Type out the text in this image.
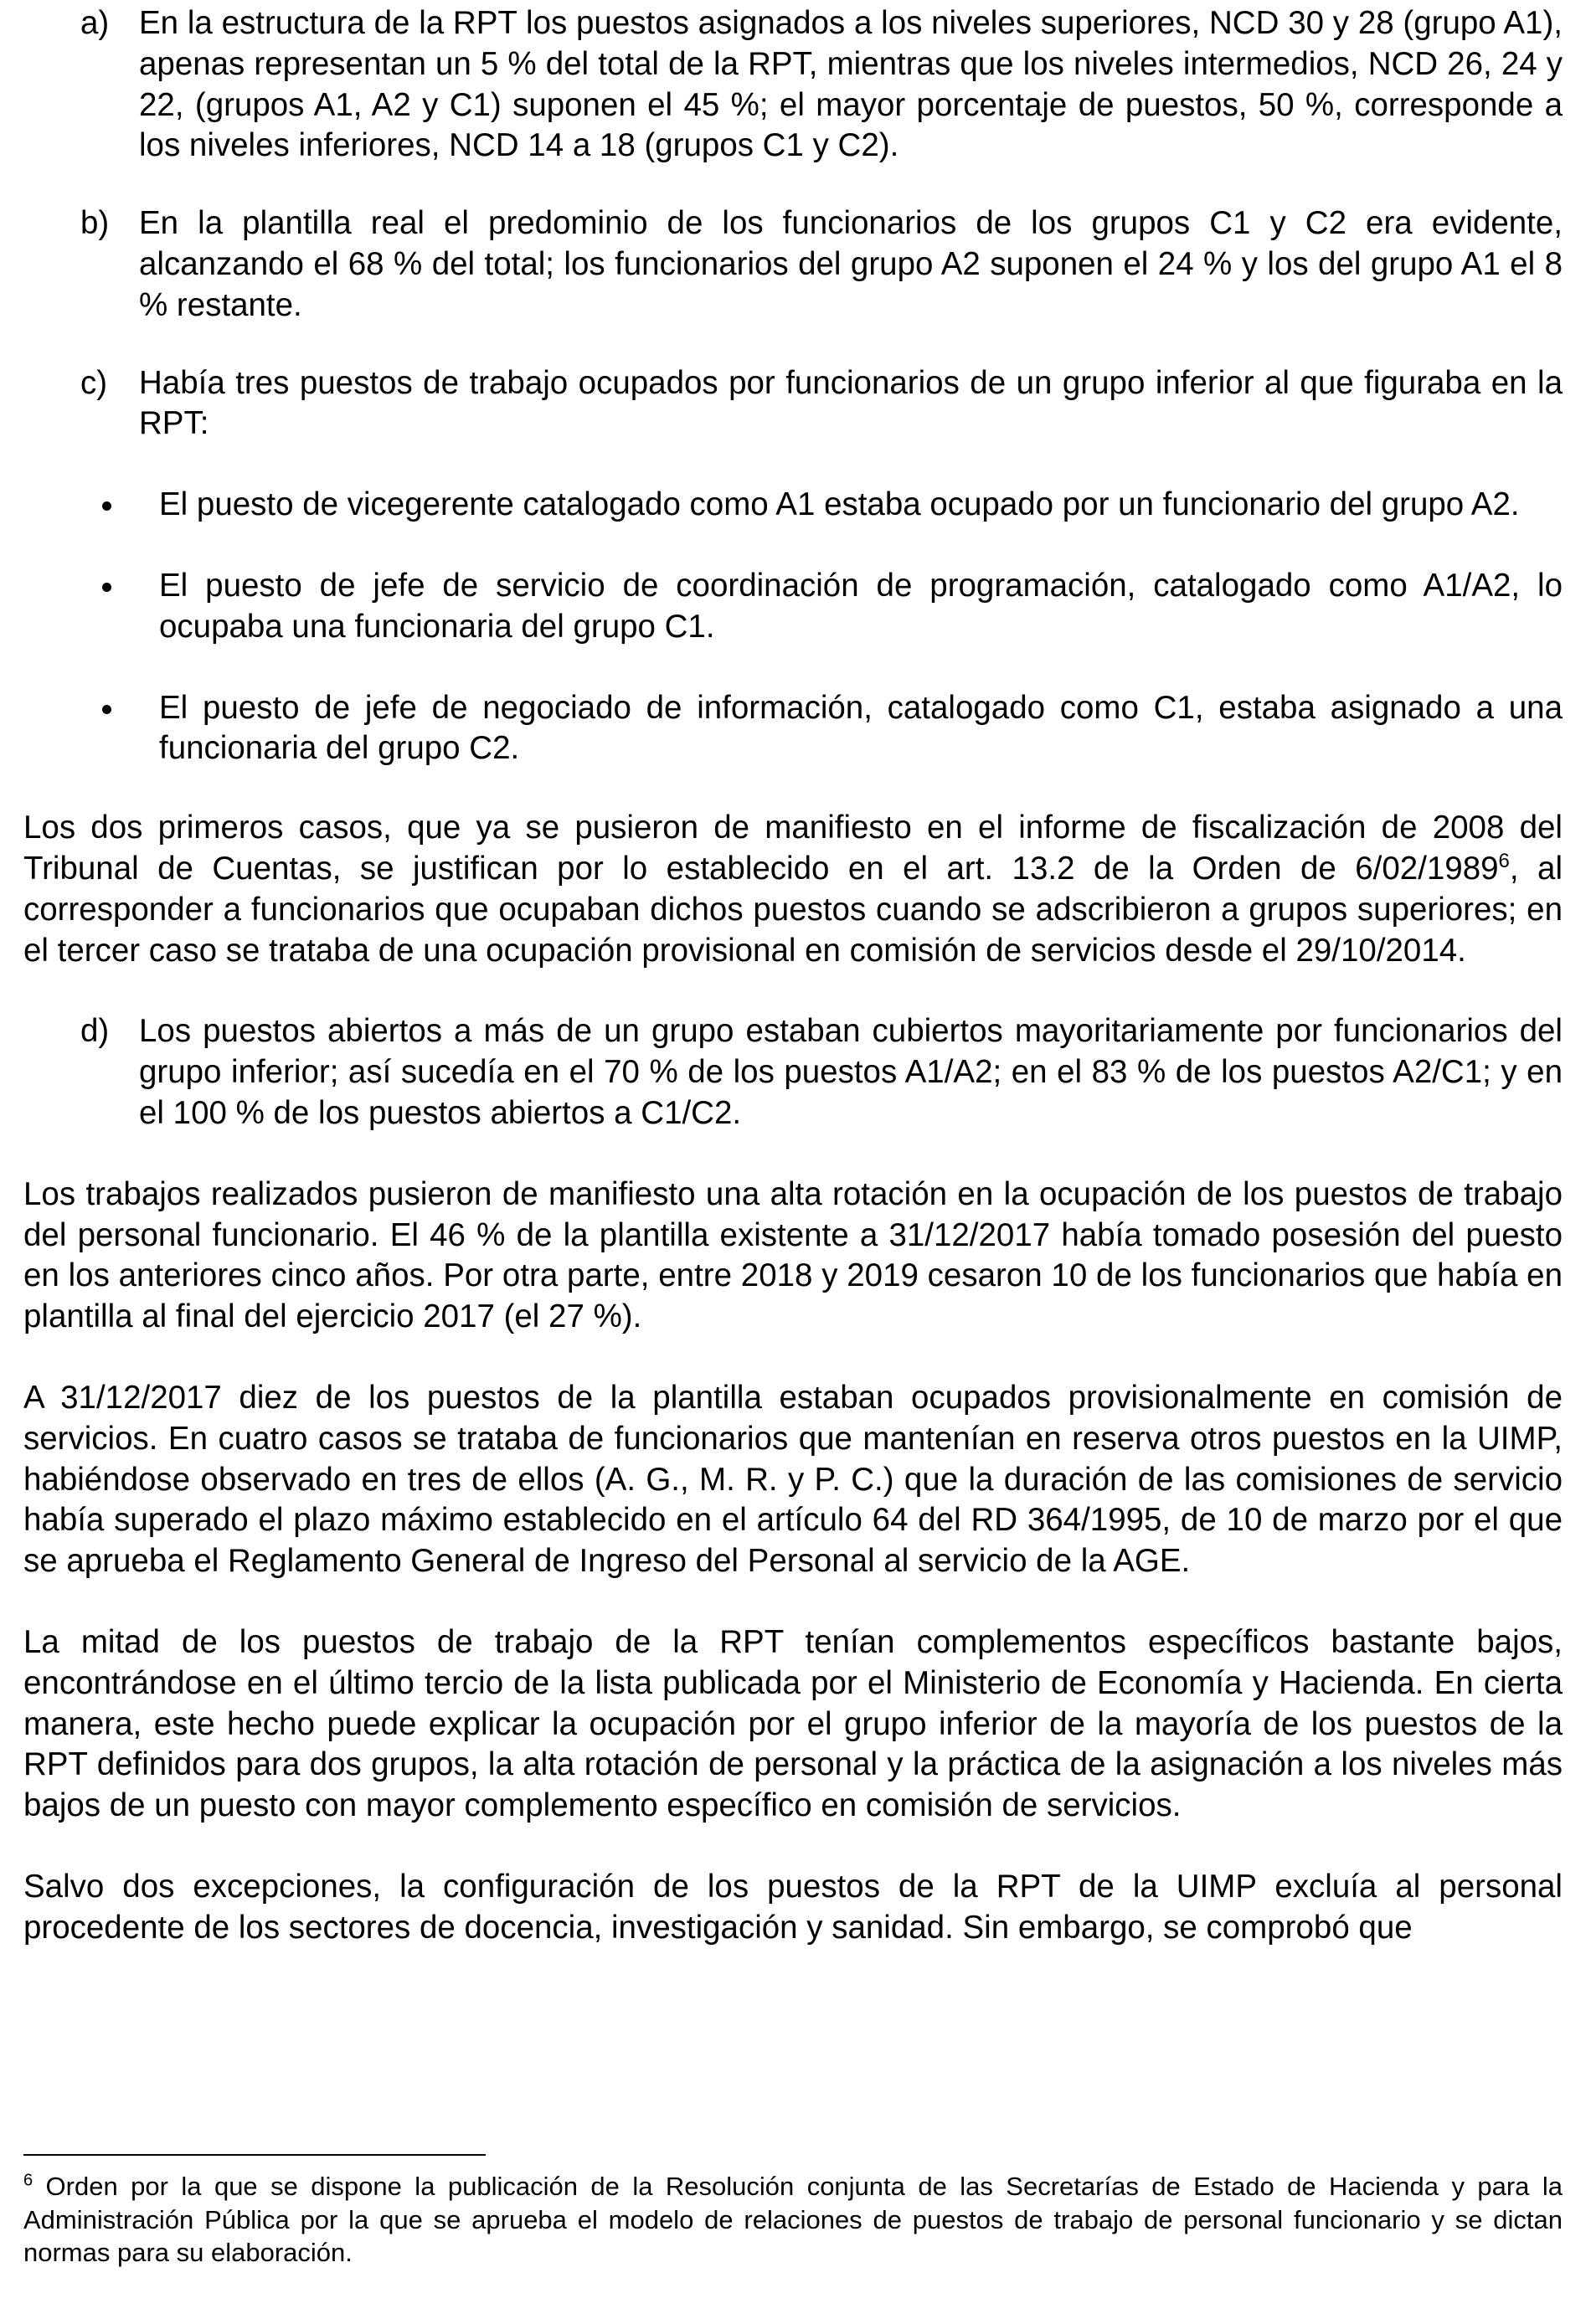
a) En la estructura de la RPT los puestos asignados a los niveles superiores, NCD 30 y 28 (grupo A1), apenas representan un 5 % del total de la RPT, mientras que los niveles intermedios, NCD 26, 24 y 22, (grupos A1, A2 y C1) suponen el 45 %; el mayor porcentaje de puestos, 50 %, corresponde a los niveles inferiores, NCD 14 a 18 (grupos C1 y C2).
b) En la plantilla real el predominio de los funcionarios de los grupos C1 y C2 era evidente, alcanzando el 68 % del total; los funcionarios del grupo A2 suponen el 24 % y los del grupo A1 el 8 % restante.
c) Había tres puestos de trabajo ocupados por funcionarios de un grupo inferior al que figuraba en la RPT:
El puesto de vicegerente catalogado como A1 estaba ocupado por un funcionario del grupo A2.
El puesto de jefe de servicio de coordinación de programación, catalogado como A1/A2, lo ocupaba una funcionaria del grupo C1.
El puesto de jefe de negociado de información, catalogado como C1, estaba asignado a una funcionaria del grupo C2.

Los dos primeros casos, que ya se pusieron de manifiesto en el informe de fiscalización de 2008 del Tribunal de Cuentas, se justifican por lo establecido en el art. 13.2 de la Orden de 6/02/1989$^6$, al corresponder a funcionarios que ocupaban dichos puestos cuando se adscribieron a grupos superiores; en el tercer caso se trataba de una ocupación provisional en comisión de servicios desde el 29/10/2014.

d) Los puestos abiertos a más de un grupo estaban cubiertos mayoritariamente por funcionarios del grupo inferior; así sucedía en el 70 % de los puestos A1/A2; en el 83 % de los puestos A2/C1; y en el 100 % de los puestos abiertos a C1/C2.

Los trabajos realizados pusieron de manifiesto una alta rotación en la ocupación de los puestos de trabajo del personal funcionario. El 46 % de la plantilla existente a 31/12/2017 había tomado posesión del puesto en los anteriores cinco años. Por otra parte, entre 2018 y 2019 cesaron 10 de los funcionarios que había en plantilla al final del ejercicio 2017 (el 27 %).

A 31/12/2017 diez de los puestos de la plantilla estaban ocupados provisionalmente en comisión de servicios. En cuatro casos se trataba de funcionarios que mantenían en reserva otros puestos en la UIMP, habiéndose observado en tres de ellos (A. G., M. R. y P. C.) que la duración de las comisiones de servicio había superado el plazo máximo establecido en el artículo 64 del RD 364/1995, de 10 de marzo por el que se aprueba el Reglamento General de Ingreso del Personal al servicio de la AGE.

La mitad de los puestos de trabajo de la RPT tenían complementos específicos bastante bajos, encontrándose en el último tercio de la lista publicada por el Ministerio de Economía y Hacienda. En cierta manera, este hecho puede explicar la ocupación por el grupo inferior de la mayoría de los puestos de la RPT definidos para dos grupos, la alta rotación de personal y la práctica de la asignación a los niveles más bajos de un puesto con mayor complemento específico en comisión de servicios.

Salvo dos excepciones, la configuración de los puestos de la RPT de la UIMP excluía al personal procedente de los sectores de docencia, investigación y sanidad. Sin embargo, se comprobó que

$^6$ Orden por la que se dispone la publicación de la Resolución conjunta de las Secretarías de Estado de Hacienda y para la Administración Pública por la que se aprueba el modelo de relaciones de puestos de trabajo de personal funcionario y se dictan normas para su elaboración.
